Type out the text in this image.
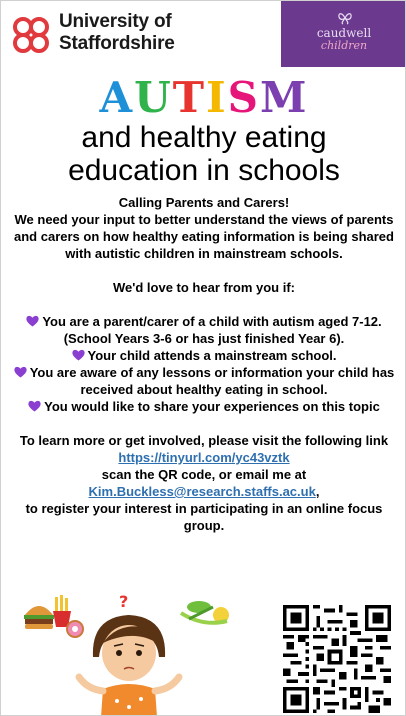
University of
Staffordshire	caudwell
children
AUTISM
and healthy eating
education in schools

Calling Parents and Carers!

We need your input to better understand the views of parents and carers on how healthy eating information is being shared with autistic children in mainstream schools.

We'd love to hear from you if:

You are a parent/carer of a child with autism aged 7-12. (School Years 3-6 or has just finished Year 6).

Your child attends a mainstream school.

You are aware of any lessons or information your child has received about healthy eating in school.

You would like to share your experiences on this topic

To learn more or get involved, please visit the following link

https://tinyurl.com/yc43vztk

scan the QR code, or email me at

Kim.Buckless@research.staffs.ac.uk,

to register your interest in participating in an online focus group.

?
